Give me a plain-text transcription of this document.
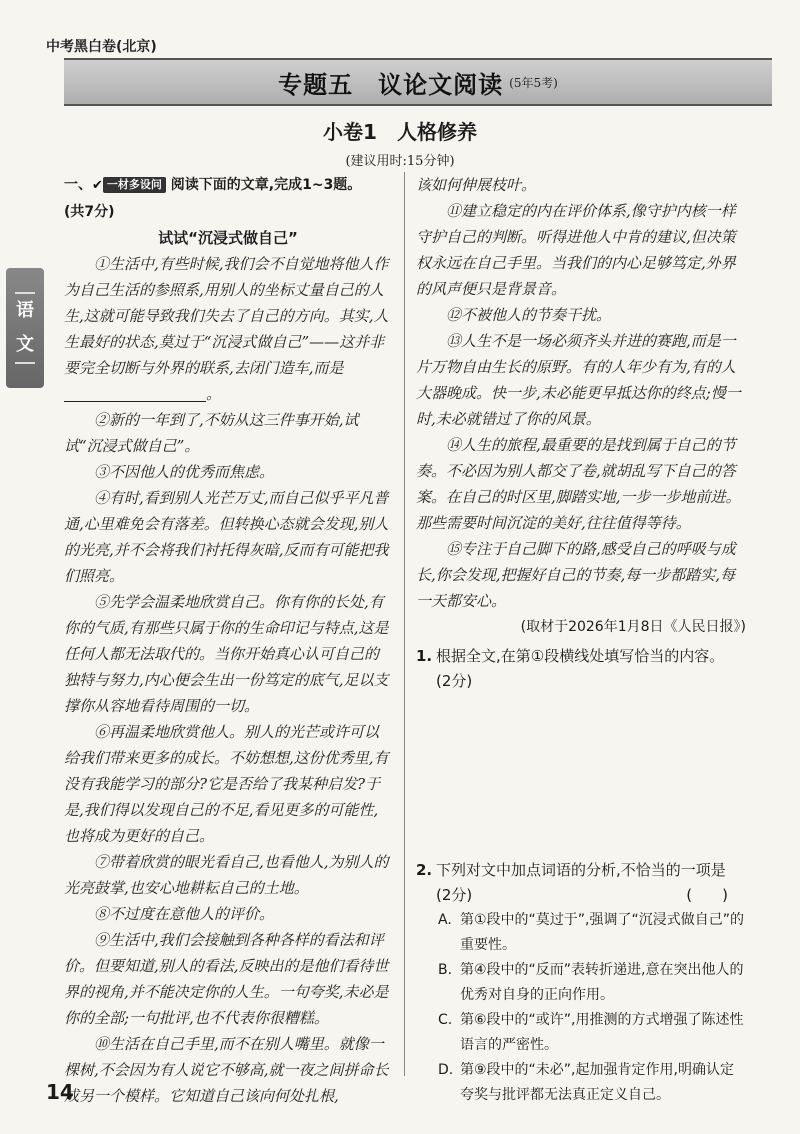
中考黑白卷(北京)
专题五　议论文阅读 (5年5考)
小卷1　人格修养
(建议用时:15分钟)
语
文

一、✔ 一材多设问 阅读下面的文章,完成1~3题。

(共7分)

试试“沉浸式做自己”

①生活中,有些时候,我们会不自觉地将他人作为自己生活的参照系,用别人的坐标丈量自己的人生,这就可能导致我们失去了自己的方向。其实,人生最好的状态,莫过于“沉浸式做自己”——这并非要完全切断与外界的联系,去闭门造车,而是。

②新的一年到了,不妨从这三件事开始,试试“沉浸式做自己”。

③不因他人的优秀而焦虑。

④有时,看到别人光芒万丈,而自己似乎平凡普通,心里难免会有落差。但转换心态就会发现,别人的光亮,并不会将我们衬托得灰暗,反而有可能把我们照亮。

⑤先学会温柔地欣赏自己。你有你的长处,有你的气质,有那些只属于你的生命印记与特点,这是任何人都无法取代的。当你开始真心认可自己的独特与努力,内心便会生出一份笃定的底气,足以支撑你从容地看待周围的一切。

⑥再温柔地欣赏他人。别人的光芒或许可以给我们带来更多的成长。不妨想想,这份优秀里,有没有我能学习的部分?它是否给了我某种启发?于是,我们得以发现自己的不足,看见更多的可能性,也将成为更好的自己。

⑦带着欣赏的眼光看自己,也看他人,为别人的光亮鼓掌,也安心地耕耘自己的土地。

⑧不过度在意他人的评价。

⑨生活中,我们会接触到各种各样的看法和评价。但要知道,别人的看法,反映出的是他们看待世界的视角,并不能决定你的人生。一句夸奖,未必是你的全部;一句批评,也不代表你很糟糕。

⑩生活在自己手里,而不在别人嘴里。就像一棵树,不会因为有人说它不够高,就一夜之间拼命长成另一个模样。它知道自己该向何处扎根,

该如何伸展枝叶。

⑪建立稳定的内在评价体系,像守护内核一样守护自己的判断。听得进他人中肯的建议,但决策权永远在自己手里。当我们的内心足够笃定,外界的风声便只是背景音。

⑫不被他人的节奏干扰。

⑬人生不是一场必须齐头并进的赛跑,而是一片万物自由生长的原野。有的人年少有为,有的人大器晚成。快一步,未必能更早抵达你的终点;慢一时,未必就错过了你的风景。

⑭人生的旅程,最重要的是找到属于自己的节奏。不必因为别人都交了卷,就胡乱写下自己的答案。在自己的时区里,脚踏实地,一步一步地前进。那些需要时间沉淀的美好,往往值得等待。

⑮专注于自己脚下的路,感受自己的呼吸与成长,你会发现,把握好自己的节奏,每一步都踏实,每一天都安心。

(取材于2026年1月8日《人民日报》)

1. 根据全文,在第①段横线处填写恰当的内容。
(2分)
2. 下列对文中加点词语的分析,不恰当的一项是
(2分)	(　　)
A. 第①段中的“莫过于”,强调了“沉浸式做自己”的重要性。
B. 第④段中的“反而”表转折递进,意在突出他人的优秀对自身的正向作用。
C. 第⑥段中的“或许”,用推测的方式增强了陈述性语言的严密性。
D. 第⑨段中的“未必”,起加强肯定作用,明确认定夸奖与批评都无法真正定义自己。
14
